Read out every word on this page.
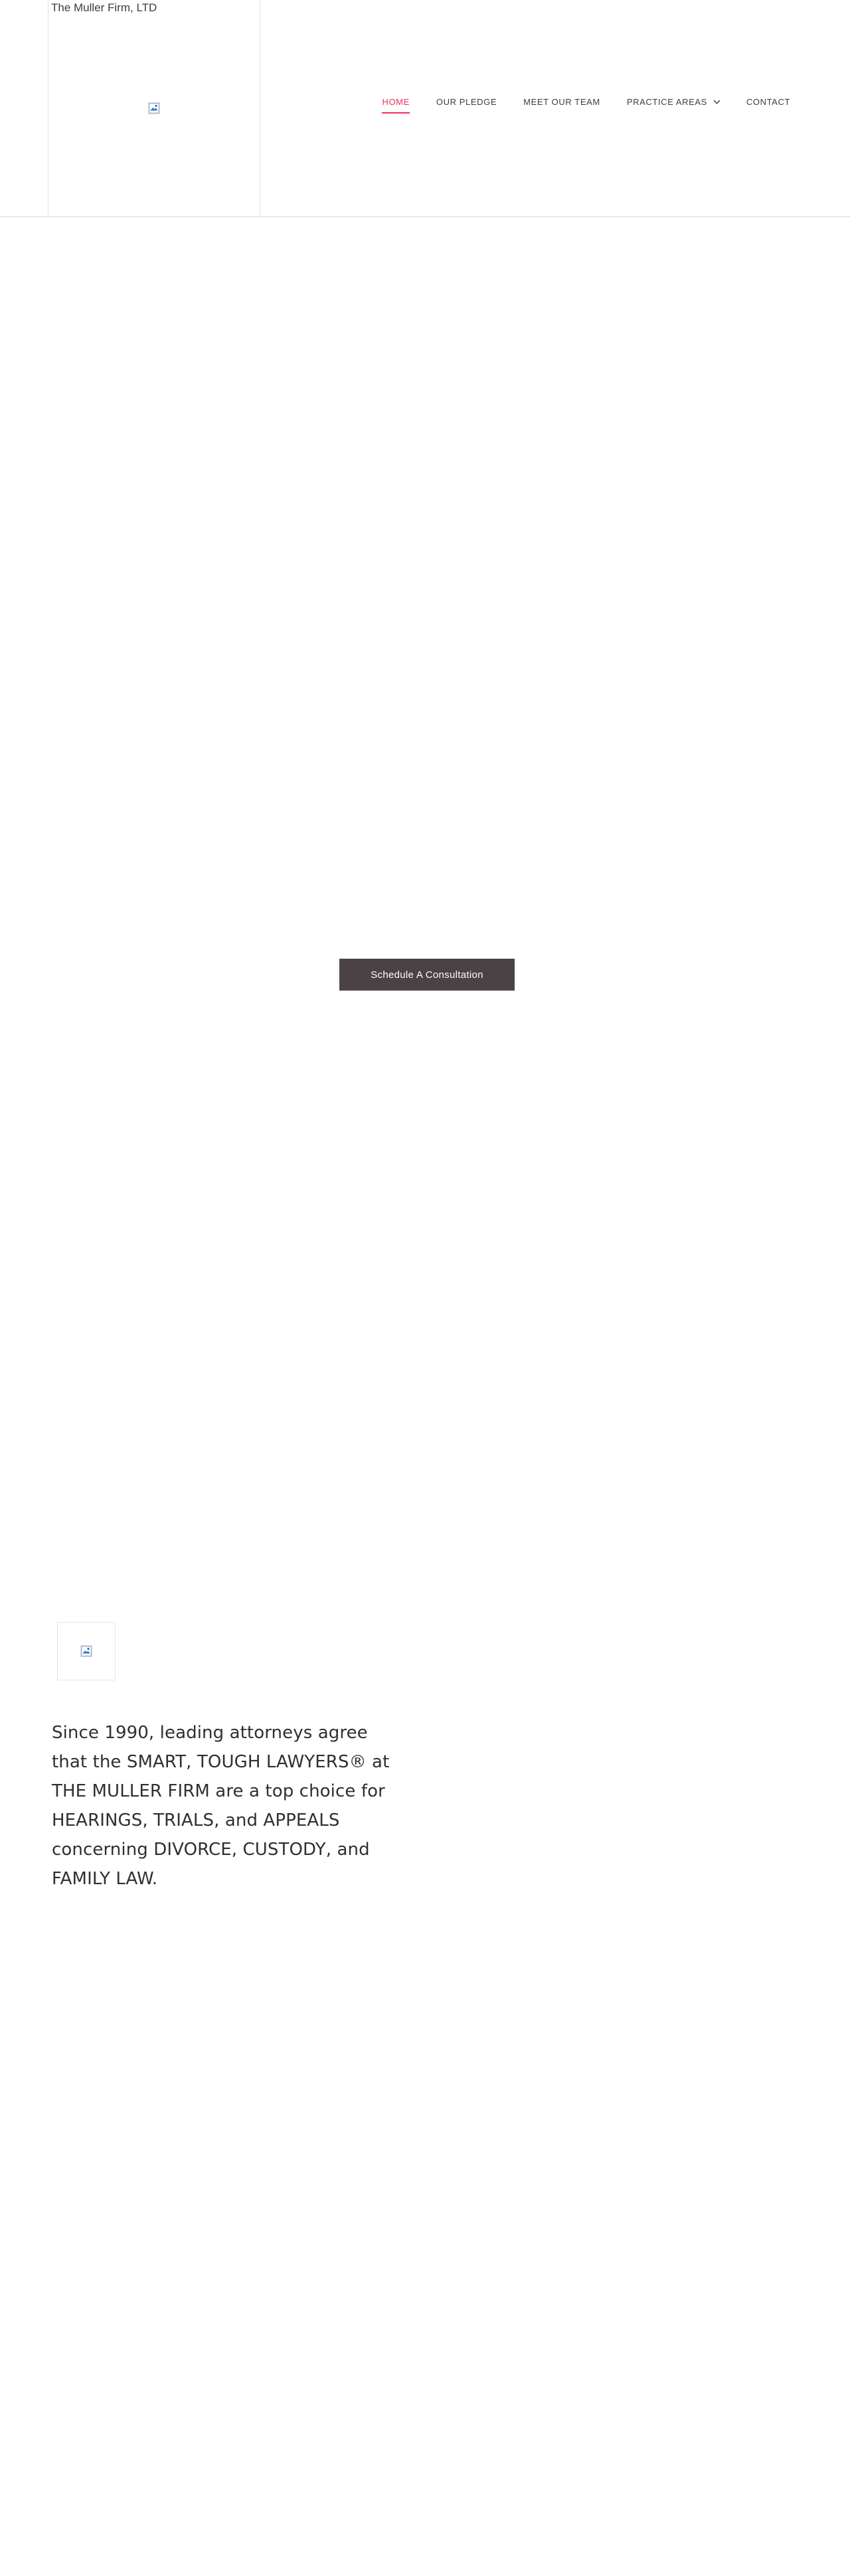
The Muller Firm, LTD
HOME	OUR PLEDGE	MEET OUR TEAM	PRACTICE AREAS	CONTACT
Schedule A Consultation

Since 1990, leading attorneys agree that the SMART, TOUGH LAWYERS® at THE MULLER FIRM are a top choice for HEARINGS, TRIALS, and APPEALS concerning DIVORCE, CUSTODY, and FAMILY LAW.
